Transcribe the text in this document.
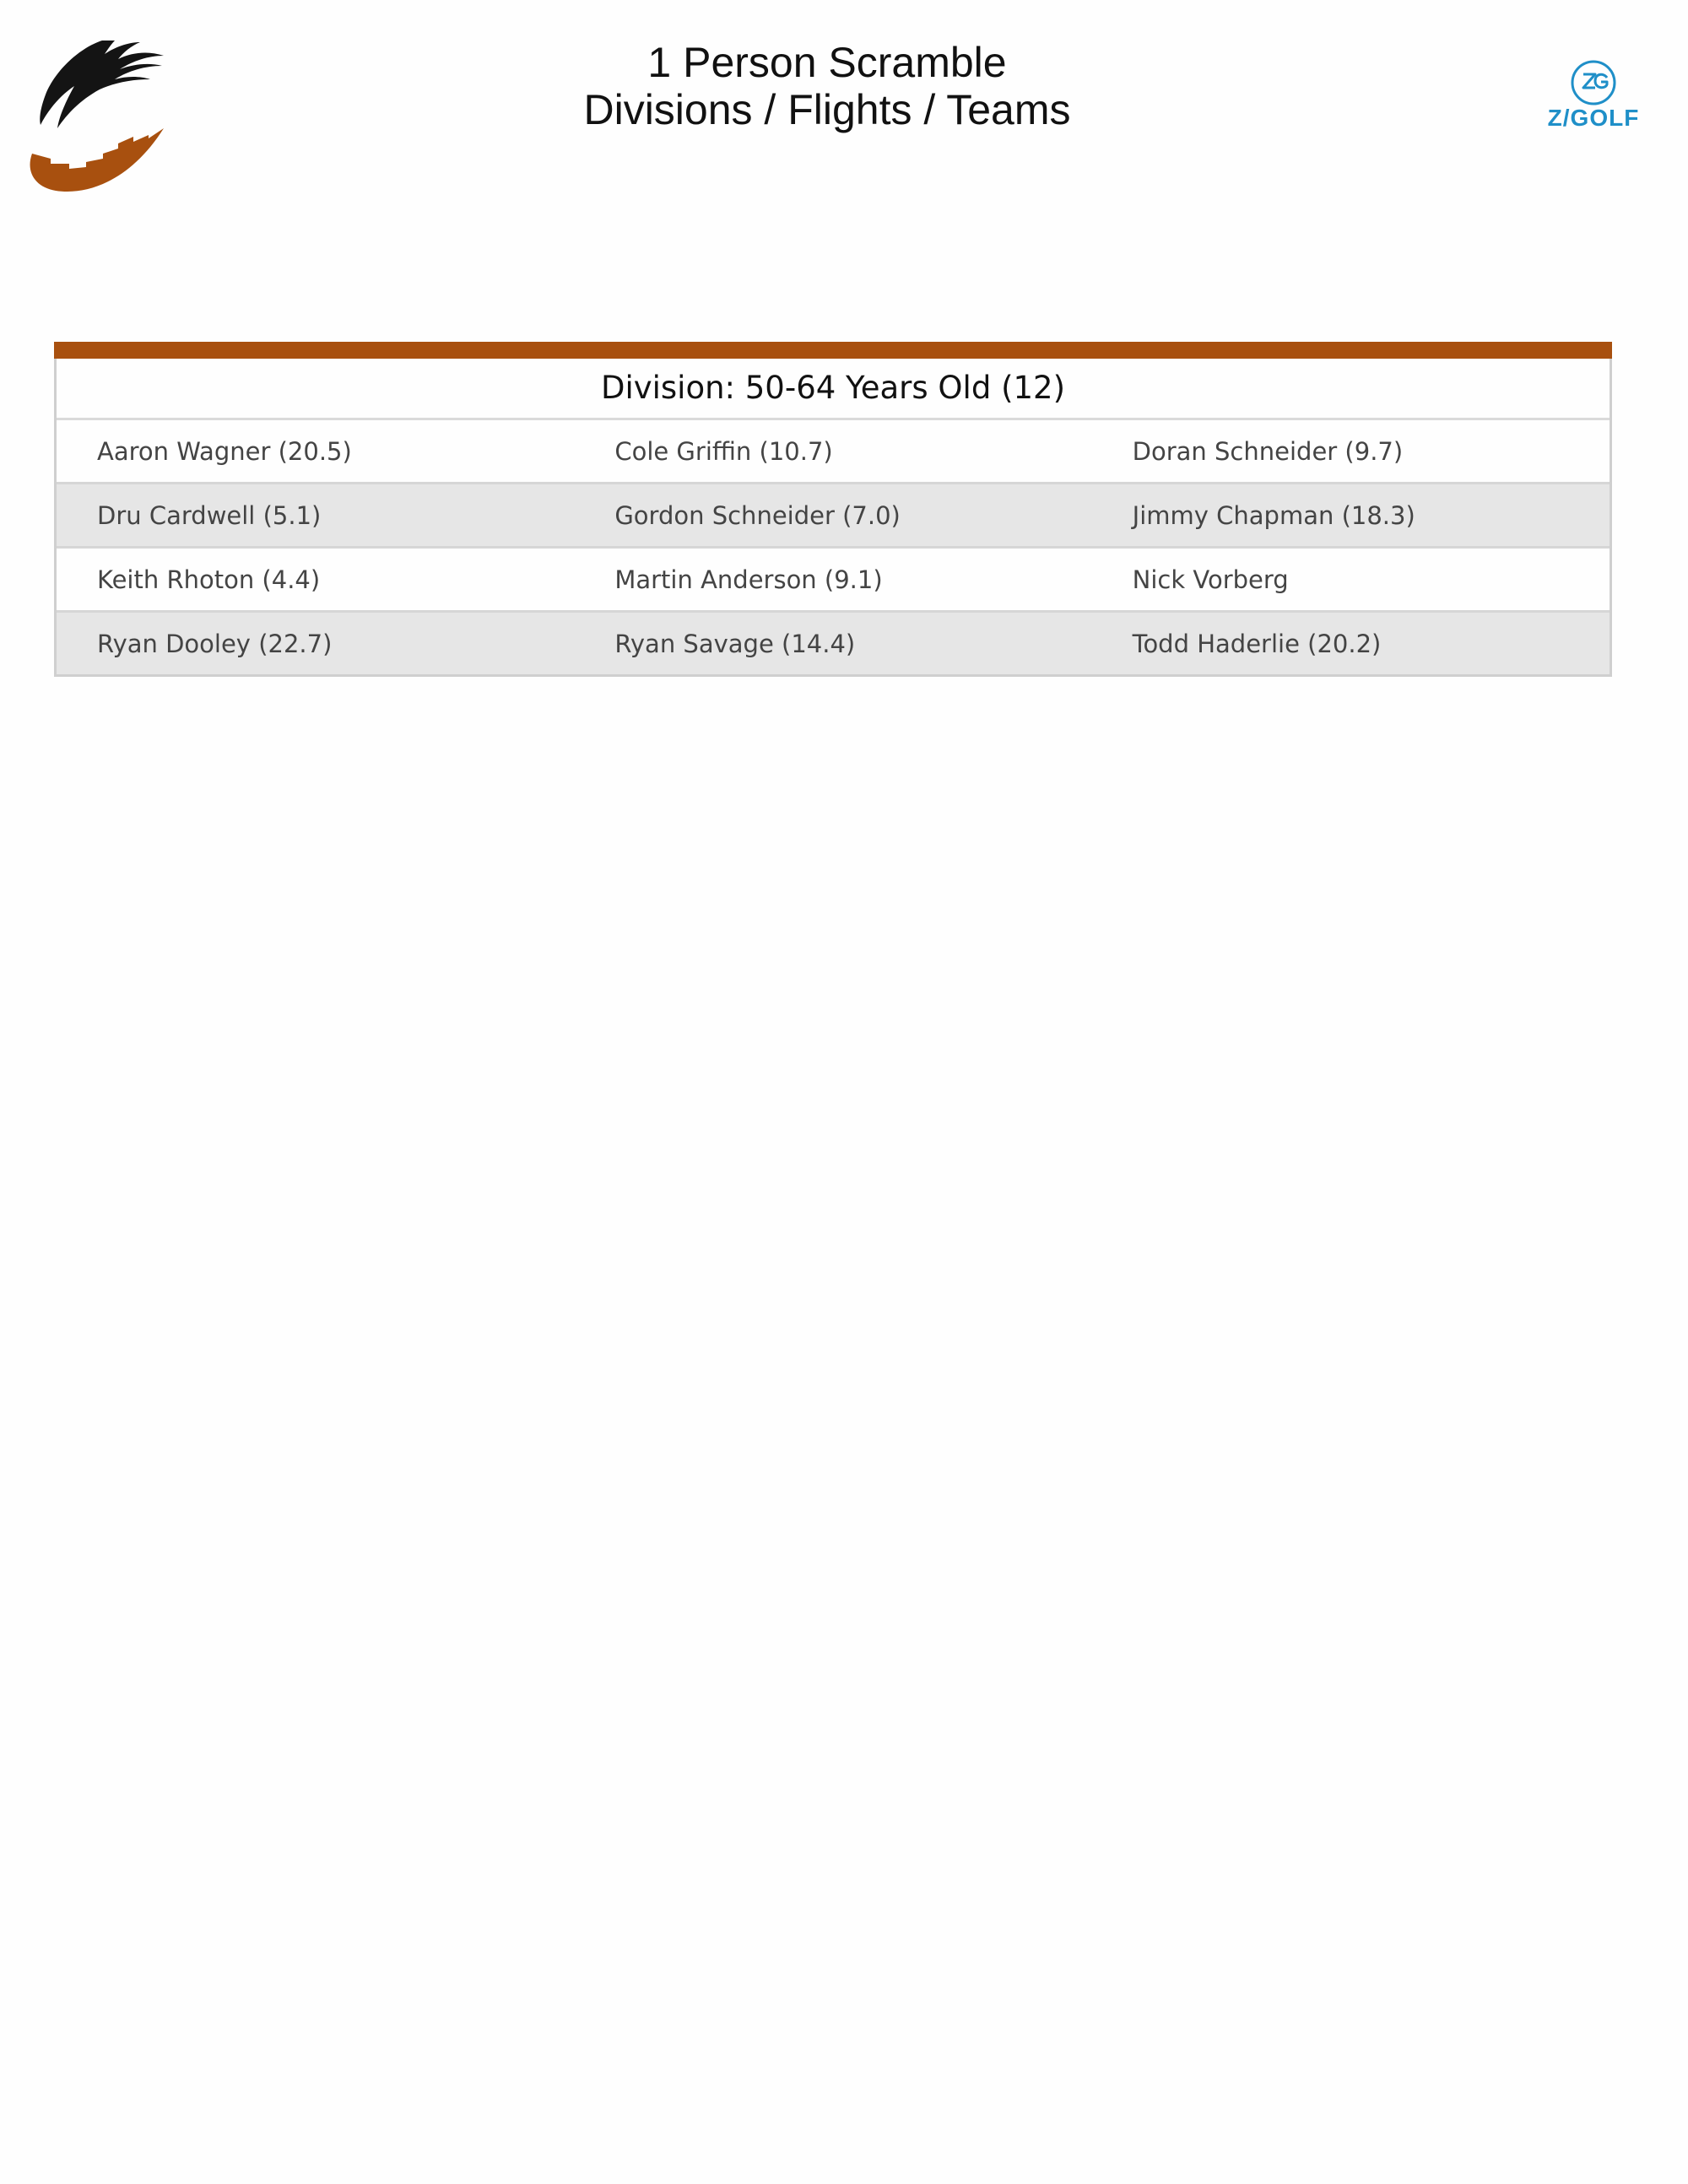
1 Person Scramble
Divisions / Flights / Teams	Z/GOLF
Division: 50-64 Years Old (12)
Aaron Wagner (20.5)	Cole Griffin (10.7)	Doran Schneider (9.7)
Dru Cardwell (5.1)	Gordon Schneider (7.0)	Jimmy Chapman (18.3)
Keith Rhoton (4.4)	Martin Anderson (9.1)	Nick Vorberg
Ryan Dooley (22.7)	Ryan Savage (14.4)	Todd Haderlie (20.2)
